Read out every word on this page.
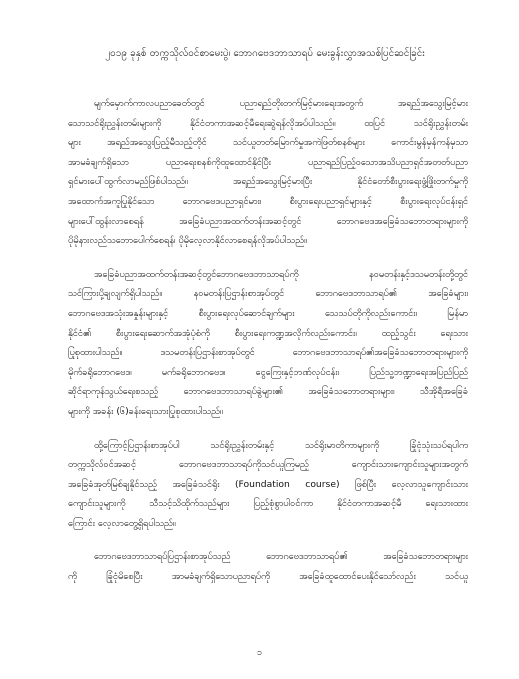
၂၀၁၉ ခုနှစ် တက္ကသိုလ်ဝင်စာမေးပွဲ၊ ဘောဂဗေဒဘာသာရပ် မေးခွန်းလွှာအသစ်ပြင်ဆင်ခြင်း

မျက်မှောက်ကာလပညာခေတ်တွင် ပညာရည်တိုးတက်မြင့်မားရေးအတွက် အရည်အသွေးမြင့်မား
သောသင်ရိုးညွှန်းတမ်းများကို နိုင်ငံတကာအဆင့်မီရေးဆွဲရန်လိုအပ်ပါသည်။ ထပြင် သင်ရိုးညွှန်းတမ်း
များ အရည်အသွေးပြည့်မီသည့်တိုင် သင်ယူတတ်မြောက်မှုအကဲဖြတ်စနစ်များ ကောင်းမွန်မှန်ကန်မှသာ
အာမခံချက်ရှိသော ပညာရေးစနစ်ကိုထူထောင်နိုင်ပြီး ပညာရည်ပြည့်ဝသောအသိပညာရှင်အတတ်ပညာ
ရှင်မားပေါ်ထွက်လာမည်ဖြစ်ပါသည်။ အရည်အသွေးမြင့်မားပြီး နိုင်ငံတော်စီးပွားရေးဖွံ့ဖြိုးတက်မှုကို
အထောက်အကူပြုနိုင်သော ဘောဂဗေဒပညာရှင်မား၊ စီးပွားရေးပညာရှင်များနှင့် စီးပွားရေးလုပ်ငန်းရှင်
များပေါ်ထွန်းလာစေရန် အခြေခံပညာအထက်တန်းအဆင့်တွင် ဘောဂဗေဒအခြေခံသဘောတရားများကို
ပိုမိုနားလည်သဘောပေါက်စေရန်၊ ပိုမိုလေ့လာနိုင်လာစေရန်လိုအပ်ပါသည်။

အခြေခံပညာအထက်တန်းအဆင့်တွင်ဘောဂဗေဒဘာသာရပ်ကို နဝမတန်းနှင့်ဒသမတန်းတို့တွင်
သင်ကြားပို့ချလျက်ရှိပါသည်။ နဝမတန်းပြဌာန်းစာအုပ်တွင် ဘောဂဗေဒဘာသာရပ်၏ အခြေခံများ၊
ဘောဂဗေဒအသုံးအနှုန်းများနှင့် စီးပွားရေးလုပ်ဆောင်ချက်များ သေသပ်တိုကိုလည်းကောင်း၊ မြန်မာ
နိုင်ငံ၏ စီးပွားရေးဆောက်အအုံပုံစံကို စီးပွားရေးကဏ္ဍအလိုက်လည်းကောင်း၊ ထည့်သွင်း ရေးသား
ပြုစုထားပါသည်။ ဒသမတန်းပြဌာန်းစာအုပ်တွင် ဘောဂဗေဒဘာသာရပ်၏အခြေခံသဘောတရားများကို
မိုက်ခရိုဘောဂဗေဒ၊ မက်ခရိုဘောဂဗေဒ၊ ငွေကြေးနှင့်ဘဏ်လုပ်ငန်း၊ ပြည်သူ့ဘဏ္ဍာရေးအပြည်ပြည်
ဆိုင်ရာကုန်သွယ်ရေးစသည့် ဘောဂဗေဒဘာသာရပ်ခွဲများ၏ အခြေခံသဘောတရားများ၊ သီအိုရီအခြေခံ
များကို အခန်း (၆)ခန်းရေးသားပြုစုထားပါသည်။

ထို့ကြောင့်ပြဌာန်းစာအုပ်ပါ သင်ရိုးညွှန်းတမ်းနှင့် သင်ရိုးမာတိကာများကို ခြုံငုံသုံးသပ်ရပါက
တက္ကသိုလ်ဝင်အဆင့် ဘောဂဗေဒဘာသာရပ်ကိုသင်ယူကြမည့် ကျောင်းသားကျောင်းသူများအတွက်
အခြေခံအုတ်မြစ်ချနိုင်သည့် အခြေခံသင်ရိုး (Foundation course) ဖြစ်ပြီး လေ့လာသူကျောင်းသား
ကျောင်းသူများကို သီသင့်သိထိုက်သည်များ ပြည့်စုံစွာပါဝင်ကာ နိုင်ငံတကာအဆင့်မီ ရေးသားထား
ကြောင်း လေ့လာတွေ့ရှိရပါသည်။

ဘောဂဗေဒဘာသာရပ်ပြဌာန်းစာအုပ်သည် ဘောဂဗေဒဘာသာရပ်၏ အခြေခံသဘောတရားများ
ကို ခြုံငုံမိစေပြီး အာမခံချက်ရှိသောပညာရပ်ကို အခြေခံထူထောင်ပေးနိုင်သော်လည်း သင်ယူ

၁
